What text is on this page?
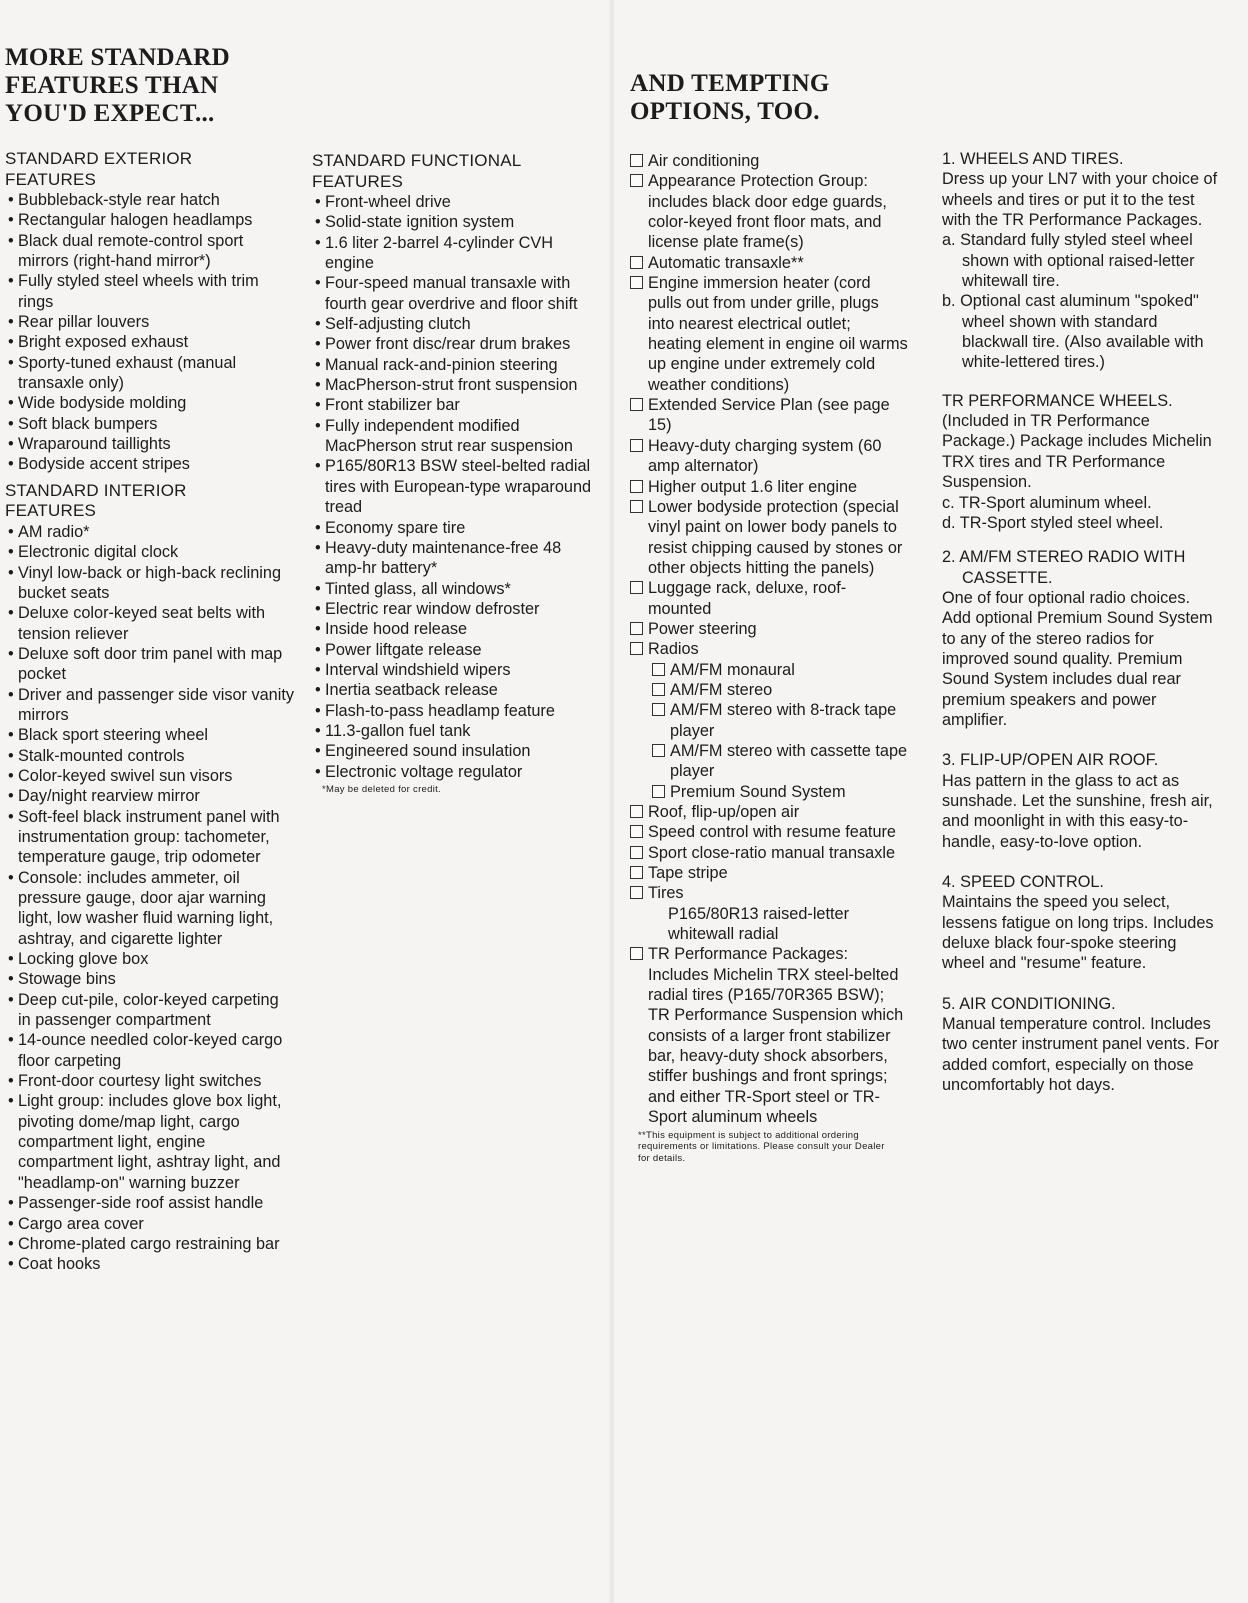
MORE STANDARD
FEATURES THAN
YOU'D EXPECT...
STANDARD EXTERIOR
FEATURES
• Bubbleback-style rear hatch
• Rectangular halogen headlamps
• Black dual remote-control sport mirrors (right-hand mirror*)
• Fully styled steel wheels with trim rings
• Rear pillar louvers
• Bright exposed exhaust
• Sporty-tuned exhaust (manual transaxle only)
• Wide bodyside molding
• Soft black bumpers
• Wraparound taillights
• Bodyside accent stripes
STANDARD INTERIOR
FEATURES
• AM radio*
• Electronic digital clock
• Vinyl low-back or high-back reclining bucket seats
• Deluxe color-keyed seat belts with tension reliever
• Deluxe soft door trim panel with map pocket
• Driver and passenger side visor vanity mirrors
• Black sport steering wheel
• Stalk-mounted controls
• Color-keyed swivel sun visors
• Day/night rearview mirror
• Soft-feel black instrument panel with instrumentation group: tachometer, temperature gauge, trip odometer
• Console: includes ammeter, oil pressure gauge, door ajar warning light, low washer fluid warning light, ashtray, and cigarette lighter
• Locking glove box
• Stowage bins
• Deep cut-pile, color-keyed carpeting in passenger compartment
• 14-ounce needled color-keyed cargo floor carpeting
• Front-door courtesy light switches
• Light group: includes glove box light, pivoting dome/map light, cargo compartment light, engine compartment light, ashtray light, and "headlamp-on" warning buzzer
• Passenger-side roof assist handle
• Cargo area cover
• Chrome-plated cargo restraining bar
• Coat hooks
STANDARD FUNCTIONAL
FEATURES
• Front-wheel drive
• Solid-state ignition system
• 1.6 liter 2-barrel 4-cylinder CVH engine
• Four-speed manual transaxle with fourth gear overdrive and floor shift
• Self-adjusting clutch
• Power front disc/rear drum brakes
• Manual rack-and-pinion steering
• MacPherson-strut front suspension
• Front stabilizer bar
• Fully independent modified MacPherson strut rear suspension
• P165/80R13 BSW steel-belted radial tires with European-type wraparound tread
• Economy spare tire
• Heavy-duty maintenance-free 48 amp-hr battery*
• Tinted glass, all windows*
• Electric rear window defroster
• Inside hood release
• Power liftgate release
• Interval windshield wipers
• Inertia seatback release
• Flash-to-pass headlamp feature
• 11.3-gallon fuel tank
• Engineered sound insulation
• Electronic voltage regulator

*May be deleted for credit.

AND TEMPTING
OPTIONS, TOO.
Air conditioning
Appearance Protection Group: includes black door edge guards, color-keyed front floor mats, and license plate frame(s)
Automatic transaxle**
Engine immersion heater (cord pulls out from under grille, plugs into nearest electrical outlet; heating element in engine oil warms up engine under extremely cold weather conditions)
Extended Service Plan (see page 15)
Heavy-duty charging system (60 amp alternator)
Higher output 1.6 liter engine
Lower bodyside protection (special vinyl paint on lower body panels to resist chipping caused by stones or other objects hitting the panels)
Luggage rack, deluxe, roof-mounted
Power steering
Radios
AM/FM monaural
AM/FM stereo
AM/FM stereo with 8-track tape player
AM/FM stereo with cassette tape player
Premium Sound System
Roof, flip-up/open air
Speed control with resume feature
Sport close-ratio manual transaxle
Tape stripe
Tires
P165/80R13 raised-letter whitewall radial
TR Performance Packages: Includes Michelin TRX steel-belted radial tires (P165/70R365 BSW); TR Performance Suspension which consists of a larger front stabilizer bar, heavy-duty shock absorbers, stiffer bushings and front springs; and either TR-Sport steel or TR-Sport aluminum wheels

**This equipment is subject to additional ordering requirements or limitations. Please consult your Dealer for details.

1. WHEELS AND TIRES.

Dress up your LN7 with your choice of wheels and tires or put it to the test with the TR Performance Packages.

a. Standard fully styled steel wheel shown with optional raised-letter whitewall tire.

b. Optional cast aluminum "spoked" wheel shown with standard blackwall tire. (Also available with white-lettered tires.)

TR PERFORMANCE WHEELS.

(Included in TR Performance Package.) Package includes Michelin TRX tires and TR Performance Suspension.

c. TR-Sport aluminum wheel.

d. TR-Sport styled steel wheel.

2. AM/FM STEREO RADIO WITH CASSETTE.

One of four optional radio choices. Add optional Premium Sound System to any of the stereo radios for improved sound quality. Premium Sound System includes dual rear premium speakers and power amplifier.

3. FLIP-UP/OPEN AIR ROOF.

Has pattern in the glass to act as sunshade. Let the sunshine, fresh air, and moonlight in with this easy-to-handle, easy-to-love option.

4. SPEED CONTROL.

Maintains the speed you select, lessens fatigue on long trips. Includes deluxe black four-spoke steering wheel and "resume" feature.

5. AIR CONDITIONING.

Manual temperature control. Includes two center instrument panel vents. For added comfort, especially on those uncomfortably hot days.
